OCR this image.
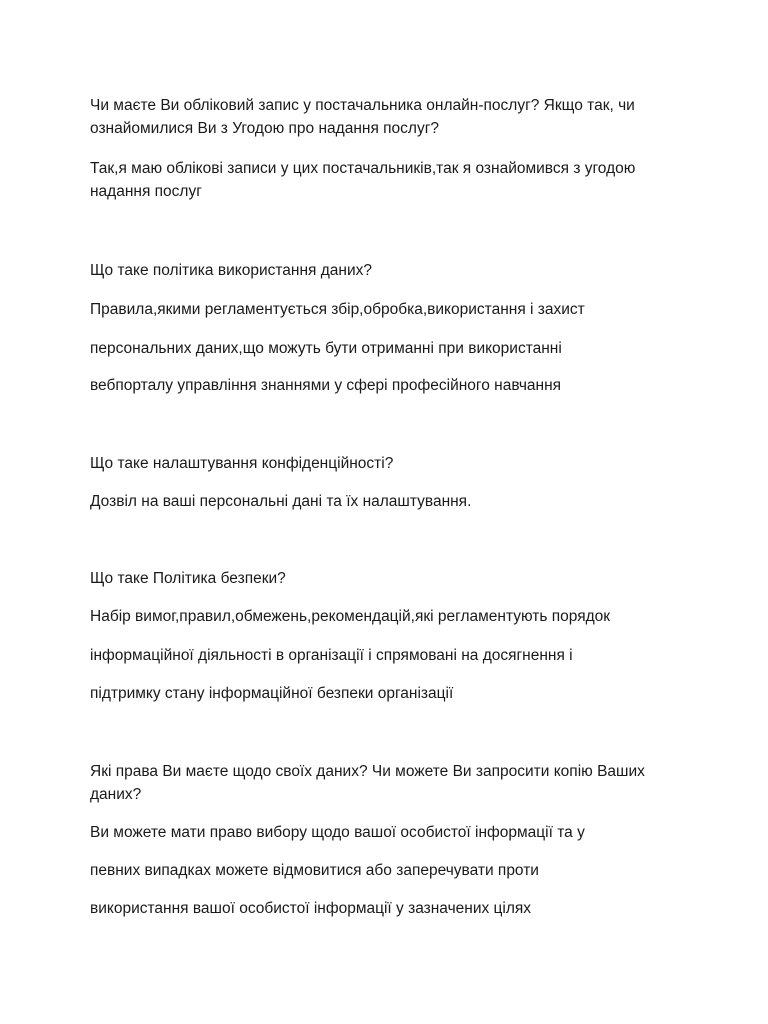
Чи маєте Ви обліковий запис у постачальника онлайн-послуг? Якщо так, чи ознайомилися Ви з Угодою про надання послуг?

Так,я маю облікові записи у цих постачальників,так я ознайомився з угодою надання послуг

Що таке політика використання даних?

Правила,якими регламентується збір,обробка,використання і захист

персональних даних,що можуть бути отриманні при використанні

вебпорталу управління знаннями у сфері професійного навчання

Що таке налаштування конфіденційності?

Дозвіл на ваші персональні дані та їх налаштування.

Що таке Політика безпеки?

Набір вимог,правил,обмежень,рекомендацій,які регламентують порядок

інформаційної діяльності в організації і спрямовані на досягнення і

підтримку стану інформаційної безпеки організації

Які права Ви маєте щодо своїх даних? Чи можете Ви запросити копію Ваших даних?

Ви можете мати право вибору щодо вашої особистої інформації та у

певних випадках можете відмовитися або заперечувати проти

використання вашої особистої інформації у зазначених цілях
